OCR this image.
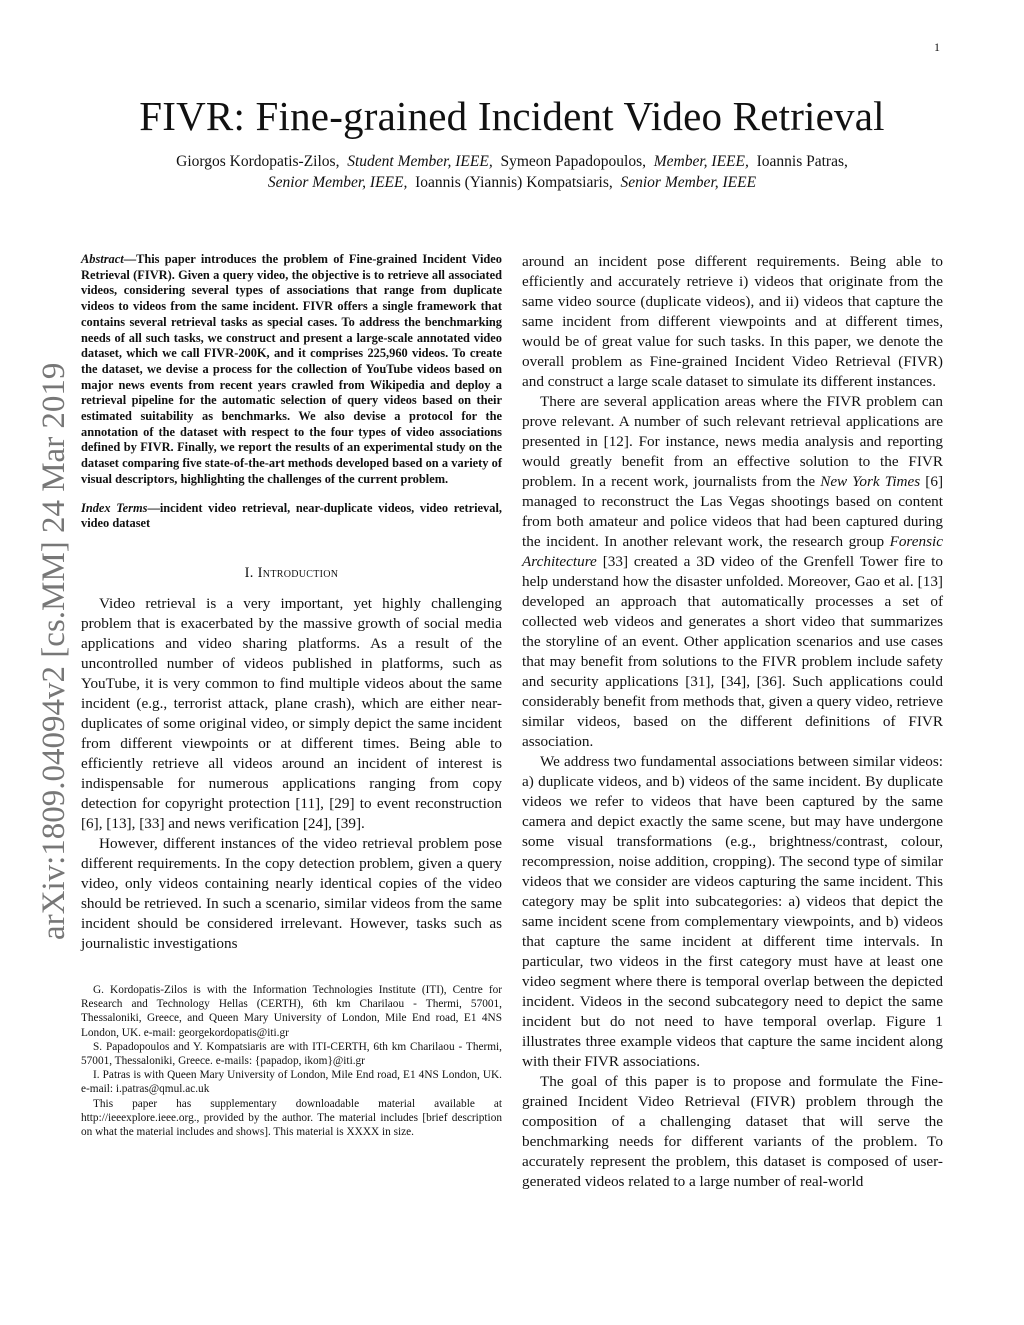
1
FIVR: Fine-grained Incident Video Retrieval
Giorgos Kordopatis-Zilos, Student Member, IEEE, Symeon Papadopoulos, Member, IEEE, Ioannis Patras,
Senior Member, IEEE, Ioannis (Yiannis) Kompatsiaris, Senior Member, IEEE
arXiv:1809.04094v2 [cs.MM] 24 Mar 2019

Abstract—This paper introduces the problem of Fine-grained Incident Video Retrieval (FIVR). Given a query video, the objective is to retrieve all associated videos, considering several types of associations that range from duplicate videos to videos from the same incident. FIVR offers a single framework that contains several retrieval tasks as special cases. To address the benchmarking needs of all such tasks, we construct and present a large-scale annotated video dataset, which we call FIVR-200K, and it comprises 225,960 videos. To create the dataset, we devise a process for the collection of YouTube videos based on major news events from recent years crawled from Wikipedia and deploy a retrieval pipeline for the automatic selection of query videos based on their estimated suitability as benchmarks. We also devise a protocol for the annotation of the dataset with respect to the four types of video associations defined by FIVR. Finally, we report the results of an experimental study on the dataset comparing five state-of-the-art methods developed based on a variety of visual descriptors, highlighting the challenges of the current problem.

Index Terms—incident video retrieval, near-duplicate videos, video retrieval, video dataset

I. Introduction

Video retrieval is a very important, yet highly challenging problem that is exacerbated by the massive growth of social media applications and video sharing platforms. As a result of the uncontrolled number of videos published in platforms, such as YouTube, it is very common to find multiple videos about the same incident (e.g., terrorist attack, plane crash), which are either near-duplicates of some original video, or simply depict the same incident from different viewpoints or at different times. Being able to efficiently retrieve all videos around an incident of interest is indispensable for numerous applications ranging from copy detection for copyright protection [11], [29] to event reconstruction [6], [13], [33] and news verification [24], [39].

However, different instances of the video retrieval problem pose different requirements. In the copy detection problem, given a query video, only videos containing nearly identical copies of the video should be retrieved. In such a scenario, similar videos from the same incident should be considered irrelevant. However, tasks such as journalistic investigations

G. Kordopatis-Zilos is with the Information Technologies Institute (ITI), Centre for Research and Technology Hellas (CERTH), 6th km Charilaou - Thermi, 57001, Thessaloniki, Greece, and Queen Mary University of London, Mile End road, E1 4NS London, UK. e-mail: georgekordopatis@iti.gr

S. Papadopoulos and Y. Kompatsiaris are with ITI-CERTH, 6th km Charilaou - Thermi, 57001, Thessaloniki, Greece. e-mails: {papadop, ikom}@iti.gr

I. Patras is with Queen Mary University of London, Mile End road, E1 4NS London, UK. e-mail: i.patras@qmul.ac.uk

This paper has supplementary downloadable material available at http://ieeexplore.ieee.org., provided by the author. The material includes [brief description on what the material includes and shows]. This material is XXXX in size.

around an incident pose different requirements. Being able to efficiently and accurately retrieve i) videos that originate from the same video source (duplicate videos), and ii) videos that capture the same incident from different viewpoints and at different times, would be of great value for such tasks. In this paper, we denote the overall problem as Fine-grained Incident Video Retrieval (FIVR) and construct a large scale dataset to simulate its different instances.

There are several application areas where the FIVR problem can prove relevant. A number of such relevant retrieval applications are presented in [12]. For instance, news media analysis and reporting would greatly benefit from an effective solution to the FIVR problem. In a recent work, journalists from the New York Times [6] managed to reconstruct the Las Vegas shootings based on content from both amateur and police videos that had been captured during the incident. In another relevant work, the research group Forensic Architecture [33] created a 3D video of the Grenfell Tower fire to help understand how the disaster unfolded. Moreover, Gao et al. [13] developed an approach that automatically processes a set of collected web videos and generates a short video that summarizes the storyline of an event. Other application scenarios and use cases that may benefit from solutions to the FIVR problem include safety and security applications [31], [34], [36]. Such applications could considerably benefit from methods that, given a query video, retrieve similar videos, based on the different definitions of FIVR association.

We address two fundamental associations between similar videos: a) duplicate videos, and b) videos of the same incident. By duplicate videos we refer to videos that have been captured by the same camera and depict exactly the same scene, but may have undergone some visual transformations (e.g., brightness/contrast, colour, recompression, noise addition, cropping). The second type of similar videos that we consider are videos capturing the same incident. This category may be split into subcategories: a) videos that depict the same incident scene from complementary viewpoints, and b) videos that capture the same incident at different time intervals. In particular, two videos in the first category must have at least one video segment where there is temporal overlap between the depicted incident. Videos in the second subcategory need to depict the same incident but do not need to have temporal overlap. Figure 1 illustrates three example videos that capture the same incident along with their FIVR associations.

The goal of this paper is to propose and formulate the Fine-grained Incident Video Retrieval (FIVR) problem through the composition of a challenging dataset that will serve the benchmarking needs for different variants of the problem. To accurately represent the problem, this dataset is composed of user-generated videos related to a large number of real-world
